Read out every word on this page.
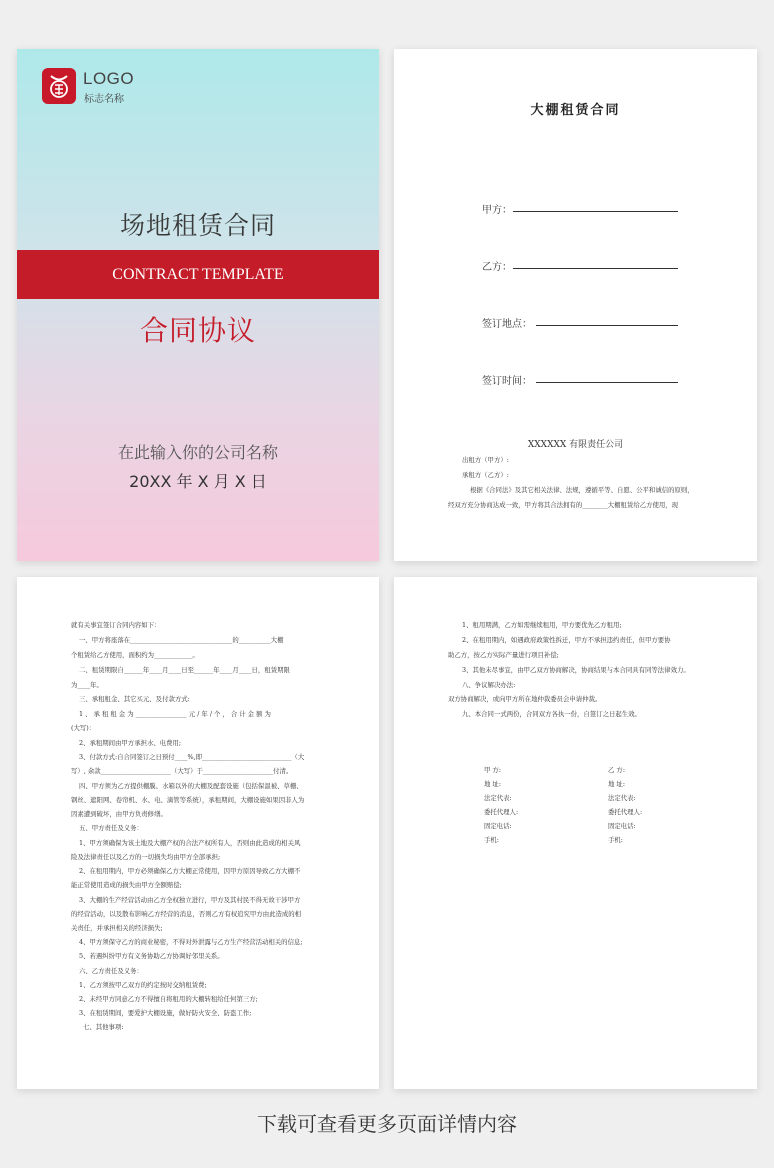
LOGO
标志名称
场地租赁合同
CONTRACT TEMPLATE
合同协议
在此输入你的公司名称
20XX 年 X 月 X 日
大棚租赁合同
甲方：
乙方：
签订地点：
签订时间：
XXXXXX 有限责任公司
出租方（甲方）:
承租方（乙方）:
根据《合同法》及其它相关法律、法规，遵循平等、自愿、公平和诚信的原则，
经双方充分协商达成一致，甲方将其合法拥有的________大棚租赁给乙方使用，现
就有关事宜签订合同内容如下：
一、甲方将座落在________________________________的__________大棚
个租赁给乙方使用，面积约为____________。
二、租赁期限自______年____月____日至______年____月____日，租赁期限
为____年。
三、承租租金、其它买元、及付款方式:
1 、 承 租 租 金 为 ________________ 元 / 年 / 个 ， 合 计 金 额 为
(大写)：
2、承租期间由甲方承担水、电费用;
3、付款方式:自合同签订之日预付____%,即____________________________（大
写）, 余款______________________（大写）于______________________付清。
四、甲方须为乙方提供棚膜、水箱以外的大棚及配套设施（包括保温被、草栅、
钢丝、遮阳网、卷帘机、水、电、滴管等系统），承租期间，大棚设施如果因非人为
因素遭到破坏，由甲方负责修缮。
五、甲方责任及义务：
1、甲方须确保为该土地及大棚产权的合法产权所有人，否则由此造成的相关风
险及法律责任以及乙方的一切损失均由甲方全部承担;
2、在租用期内，甲方必须确保乙方大棚正常使用，因甲方原因导致乙方大棚不
能正常使用造成的损失由甲方全额赔偿;
3、大棚的生产经营活动由乙方全权独立进行，甲方及其村民不得无故干涉甲方
的经营活动，以及散布影响乙方经营的消息，否则乙方有权追究甲方由此造成的相
关责任，并承担相关的经济损失;
4、甲方须保守乙方的商业秘密，不得对外泄露与乙方生产经营活动相关的信息;
5、若遇纠纷甲方有义务协助乙方协调好邻里关系。
六、乙方责任及义务：
1、乙方须按甲乙双方的约定按时交纳租赁费;
2、未经甲方同意乙方不得擅自将租用的大棚转租给任何第三方;
3、在租赁期间，要爱护大棚设施，做好防火安全、防盗工作;
七、其他事项:
1、租用期满，乙方如需继续租用，甲方要优先乙方租用;
2、在租用期内，如遇政府政策性拆迁，甲方不承担违约责任，但甲方要协
助乙方，按乙方实际产量进行项目补偿;
3、其他未尽事宜，由甲乙双方协商解决，协商结果与本合同具有同等法律效力。
八、争议解决办法:
双方协商解决，或向甲方所在地仲裁委员会申请仲裁。
九、本合同一式两份，合同双方各执一份，自签订之日起生效。
甲 方:
地 址:
法定代表:
委托代理人:
固定电话:
手机:
乙 方:
地 址:
法定代表:
委托代理人:
固定电话:
手机:
下载可查看更多页面详情内容
